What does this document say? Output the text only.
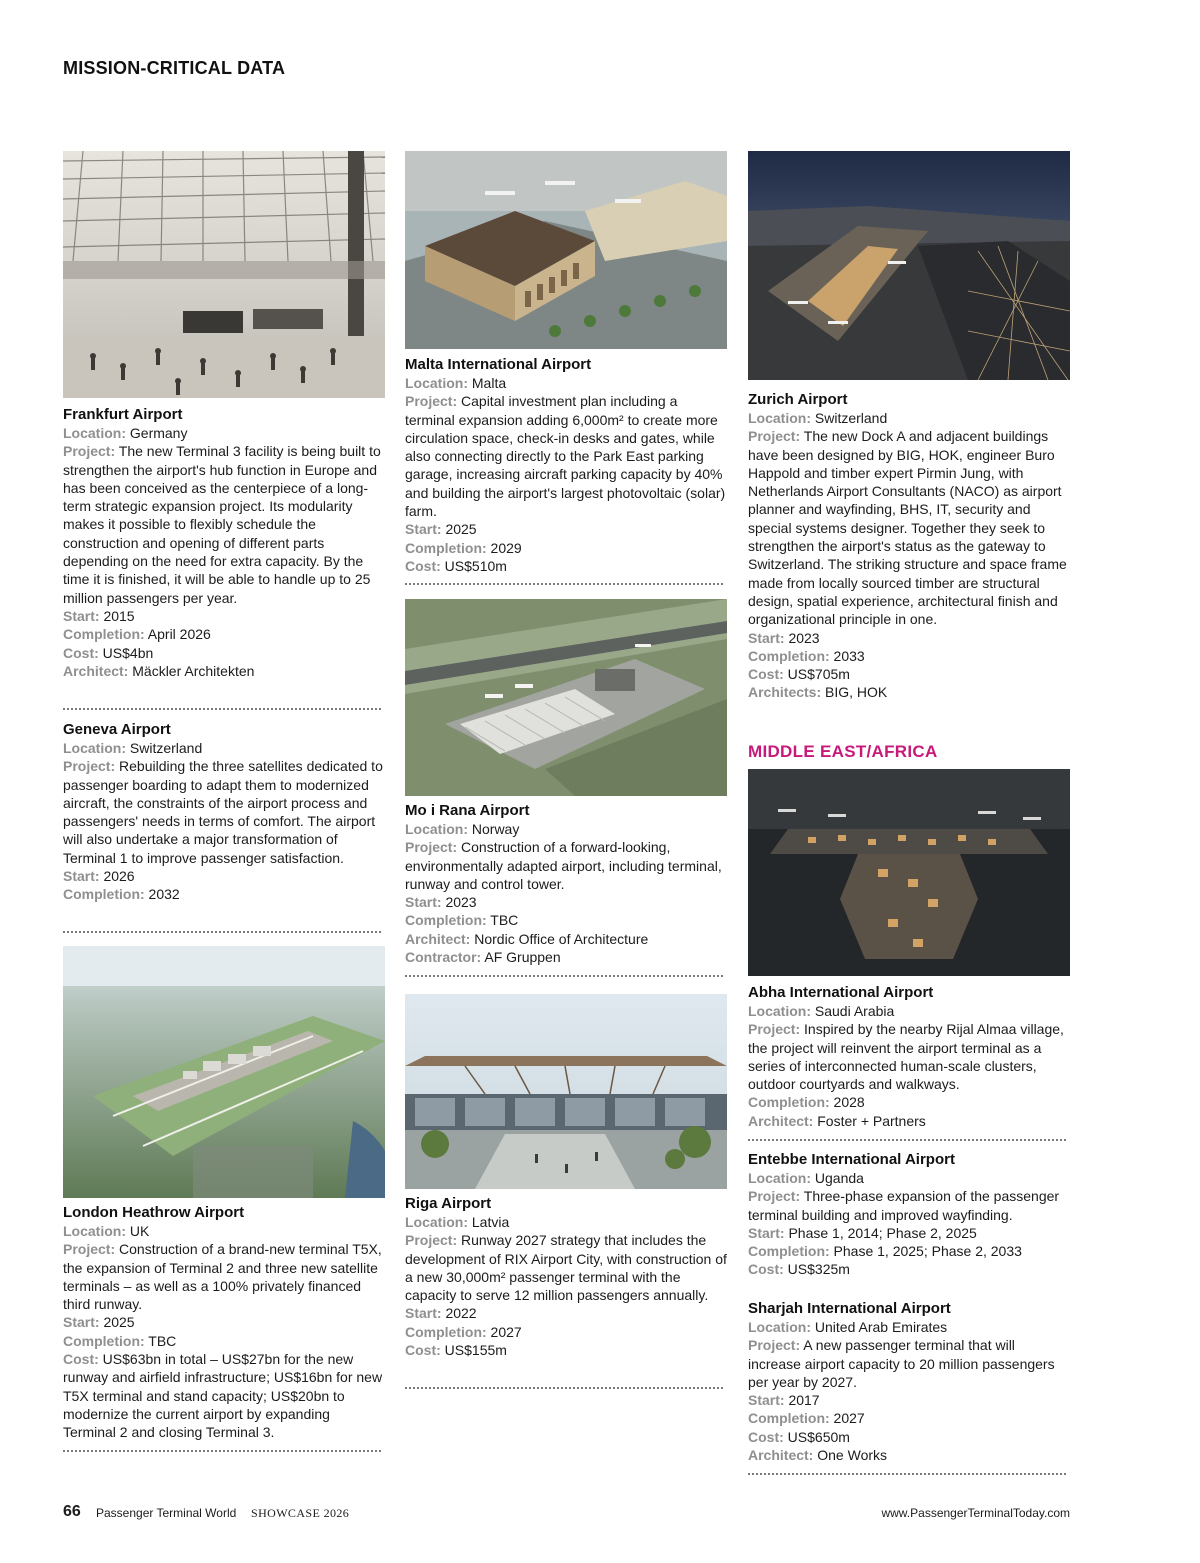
MISSION-CRITICAL DATA
Frankfurt Airport

Location: Germany

Project: The new Terminal 3 facility is being built to strengthen the airport's hub function in Europe and has been conceived as the centerpiece of a long-term strategic expansion project. Its modularity makes it possible to flexibly schedule the construction and opening of different parts depending on the need for extra capacity. By the time it is finished, it will be able to handle up to 25 million passengers per year.

Start: 2015

Completion: April 2026

Cost: US$4bn

Architect: Mäckler Architekten

Geneva Airport

Location: Switzerland

Project: Rebuilding the three satellites dedicated to passenger boarding to adapt them to modernized aircraft, the constraints of the airport process and passengers' needs in terms of comfort. The airport will also undertake a major transformation of Terminal 1 to improve passenger satisfaction.

Start: 2026

Completion: 2032

London Heathrow Airport

Location: UK

Project: Construction of a brand-new terminal T5X, the expansion of Terminal 2 and three new satellite terminals – as well as a 100% privately financed third runway.

Start: 2025

Completion: TBC

Cost: US$63bn in total – US$27bn for the new runway and airfield infrastructure; US$16bn for new T5X terminal and stand capacity; US$20bn to modernize the current airport by expanding Terminal 2 and closing Terminal 3.

Malta International Airport

Location: Malta

Project: Capital investment plan including a terminal expansion adding 6,000m² to create more circulation space, check-in desks and gates, while also connecting directly to the Park East parking garage, increasing aircraft parking capacity by 40% and building the airport's largest photovoltaic (solar) farm.

Start: 2025

Completion: 2029

Cost: US$510m

Mo i Rana Airport

Location: Norway

Project: Construction of a forward-looking, environmentally adapted airport, including terminal, runway and control tower.

Start: 2023

Completion: TBC

Architect: Nordic Office of Architecture

Contractor: AF Gruppen

Riga Airport

Location: Latvia

Project: Runway 2027 strategy that includes the development of RIX Airport City, with construction of a new 30,000m² passenger terminal with the capacity to serve 12 million passengers annually.

Start: 2022

Completion: 2027

Cost: US$155m

Zurich Airport

Location: Switzerland

Project: The new Dock A and adjacent buildings have been designed by BIG, HOK, engineer Buro Happold and timber expert Pirmin Jung, with Netherlands Airport Consultants (NACO) as airport planner and wayfinding, BHS, IT, security and special systems designer. Together they seek to strengthen the airport's status as the gateway to Switzerland. The striking structure and space frame made from locally sourced timber are structural design, spatial experience, architectural finish and organizational principle in one.

Start: 2023

Completion: 2033

Cost: US$705m

Architects: BIG, HOK

MIDDLE EAST/AFRICA
Abha International Airport

Location: Saudi Arabia

Project: Inspired by the nearby Rijal Almaa village, the project will reinvent the airport terminal as a series of interconnected human-scale clusters, outdoor courtyards and walkways.

Completion: 2028

Architect: Foster + Partners

Entebbe International Airport

Location: Uganda

Project: Three-phase expansion of the passenger terminal building and improved wayfinding.

Start: Phase 1, 2014; Phase 2, 2025

Completion: Phase 1, 2025; Phase 2, 2033

Cost: US$325m

Sharjah International Airport

Location: United Arab Emirates

Project: A new passenger terminal that will increase airport capacity to 20 million passengers per year by 2027.

Start: 2017

Completion: 2027

Cost: US$650m

Architect: One Works

66 Passenger Terminal World SHOWCASE 2026	www.PassengerTerminalToday.com
